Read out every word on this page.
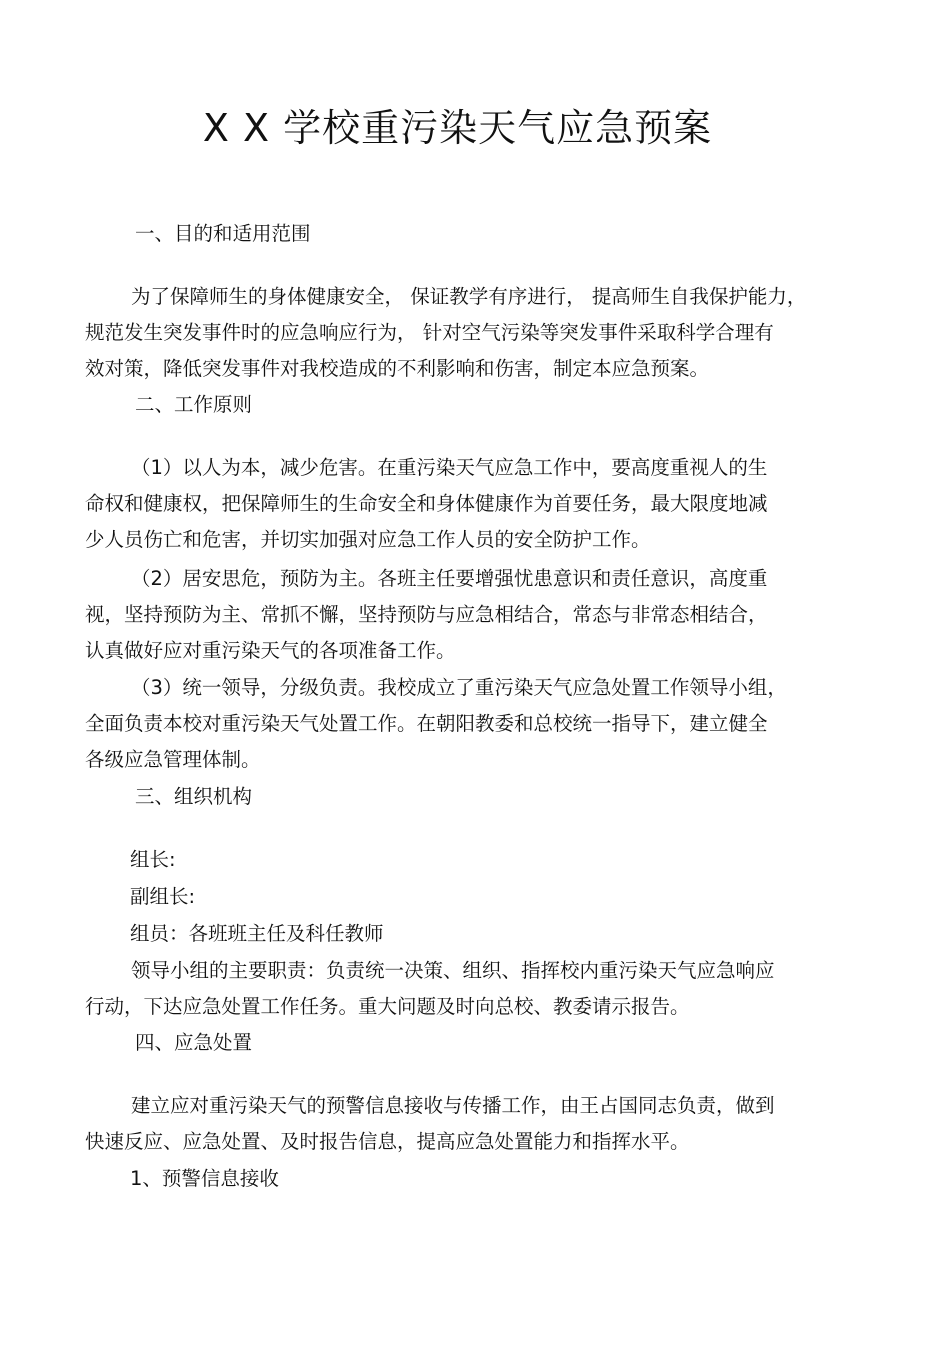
X X 学校重污染天气应急预案

一、目的和适用范围

为了保障师生的身体健康安全， 保证教学有序进行， 提高师生自我保护能力，
规范发生突发事件时的应急响应行为， 针对空气污染等突发事件采取科学合理有
效对策，降低突发事件对我校造成的不利影响和伤害，制定本应急预案。

二、工作原则

（1）以人为本，减少危害。在重污染天气应急工作中，要高度重视人的生
命权和健康权，把保障师生的生命安全和身体健康作为首要任务，最大限度地减
少人员伤亡和危害，并切实加强对应急工作人员的安全防护工作。

（2）居安思危，预防为主。各班主任要增强忧患意识和责任意识，高度重
视，坚持预防为主、常抓不懈，坚持预防与应急相结合，常态与非常态相结合，
认真做好应对重污染天气的各项准备工作。

（3）统一领导，分级负责。我校成立了重污染天气应急处置工作领导小组，
全面负责本校对重污染天气处置工作。在朝阳教委和总校统一指导下，建立健全
各级应急管理体制。

三、组织机构

组长:

副组长:

组员：各班班主任及科任教师

领导小组的主要职责：负责统一决策、组织、指挥校内重污染天气应急响应
行动，下达应急处置工作任务。重大问题及时向总校、教委请示报告。

四、应急处置

建立应对重污染天气的预警信息接收与传播工作，由王占国同志负责，做到
快速反应、应急处置、及时报告信息，提高应急处置能力和指挥水平。

1、预警信息接收
